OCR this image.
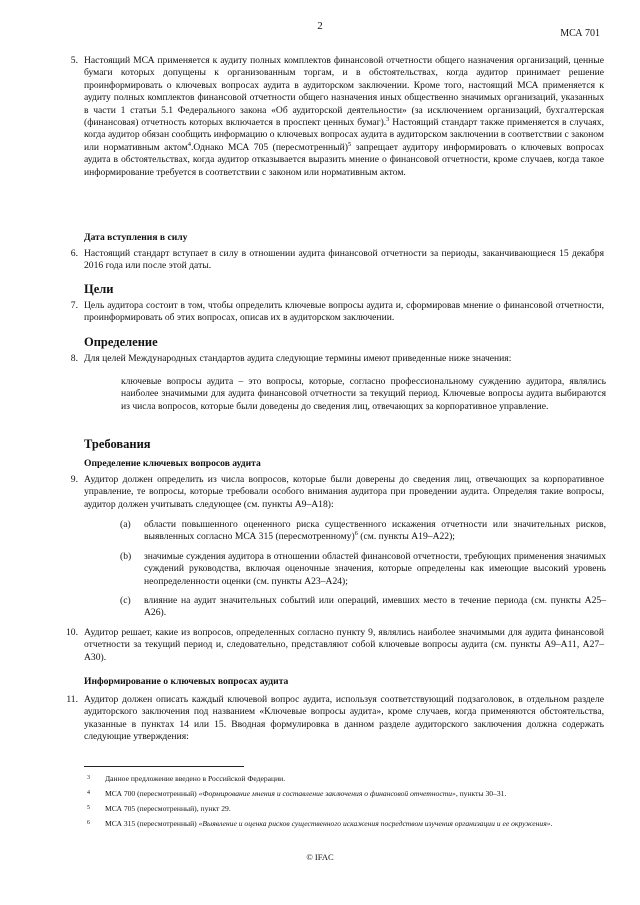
2
МСА 701
5. Настоящий МСА применяется к аудиту полных комплектов финансовой отчетности общего назначения организаций, ценные бумаги которых допущены к организованным торгам, и в обстоятельствах, когда аудитор принимает решение проинформировать о ключевых вопросах аудита в аудиторском заключении. Кроме того, настоящий МСА применяется к аудиту полных комплектов финансовой отчетности общего назначения иных общественно значимых организаций, указанных в части 1 статьи 5.1 Федерального закона «Об аудиторской деятельности» (за исключением организаций, бухгалтерская (финансовая) отчетность которых включается в проспект ценных бумаг).$^3$ Настоящий стандарт также применяется в случаях, когда аудитор обязан сообщить информацию о ключевых вопросах аудита в аудиторском заключении в соответствии с законом или нормативным актом$^4$.Однако МСА 705 (пересмотренный)$^5$ запрещает аудитору информировать о ключевых вопросах аудита в обстоятельствах, когда аудитор отказывается выразить мнение о финансовой отчетности, кроме случаев, когда такое информирование требуется в соответствии с законом или нормативным актом.
Дата вступления в силу
6. Настоящий стандарт вступает в силу в отношении аудита финансовой отчетности за периоды, заканчивающиеся 15 декабря 2016 года или после этой даты.
Цели
7. Цель аудитора состоит в том, чтобы определить ключевые вопросы аудита и, сформировав мнение о финансовой отчетности, проинформировать об этих вопросах, описав их в аудиторском заключении.
Определение
8. Для целей Международных стандартов аудита следующие термины имеют приведенные ниже значения:
ключевые вопросы аудита – это вопросы, которые, согласно профессиональному суждению аудитора, являлись наиболее значимыми для аудита финансовой отчетности за текущий период. Ключевые вопросы аудита выбираются из числа вопросов, которые были доведены до сведения лиц, отвечающих за корпоративное управление.
Требования
Определение ключевых вопросов аудита
9. Аудитор должен определить из числа вопросов, которые были доверены до сведения лиц, отвечающих за корпоративное управление, те вопросы, которые требовали особого внимания аудитора при проведении аудита. Определяя такие вопросы, аудитор должен учитывать следующее (см. пункты А9–А18):
(a) области повышенного оцененного риска существенного искажения отчетности или значительных рисков, выявленных согласно МСА 315 (пересмотренному)$^6$ (см. пункты А19–А22);
(b) значимые суждения аудитора в отношении областей финансовой отчетности, требующих применения значимых суждений руководства, включая оценочные значения, которые определены как имеющие высокий уровень неопределенности оценки (см. пункты А23–А24);
(c) влияние на аудит значительных событий или операций, имевших место в течение периода (см. пункты А25–А26).
10. Аудитор решает, какие из вопросов, определенных согласно пункту 9, являлись наиболее значимыми для аудита финансовой отчетности за текущий период и, следовательно, представляют собой ключевые вопросы аудита (см. пункты А9–А11, А27–А30).
Информирование о ключевых вопросах аудита
11. Аудитор должен описать каждый ключевой вопрос аудита, используя соответствующий подзаголовок, в отдельном разделе аудиторского заключения под названием «Ключевые вопросы аудита», кроме случаев, когда применяются обстоятельства, указанные в пунктах 14 или 15. Вводная формулировка в данном разделе аудиторского заключения должна содержать следующие утверждения:
3 Данное предложение введено в Российской Федерации.
4 МСА 700 (пересмотренный) «Формирование мнения и составление заключения о финансовой отчетности», пункты 30–31.
5 МСА 705 (пересмотренный), пункт 29.
6 МСА 315 (пересмотренный) «Выявление и оценка рисков существенного искажения посредством изучения организации и ее окружения».
© IFAC
